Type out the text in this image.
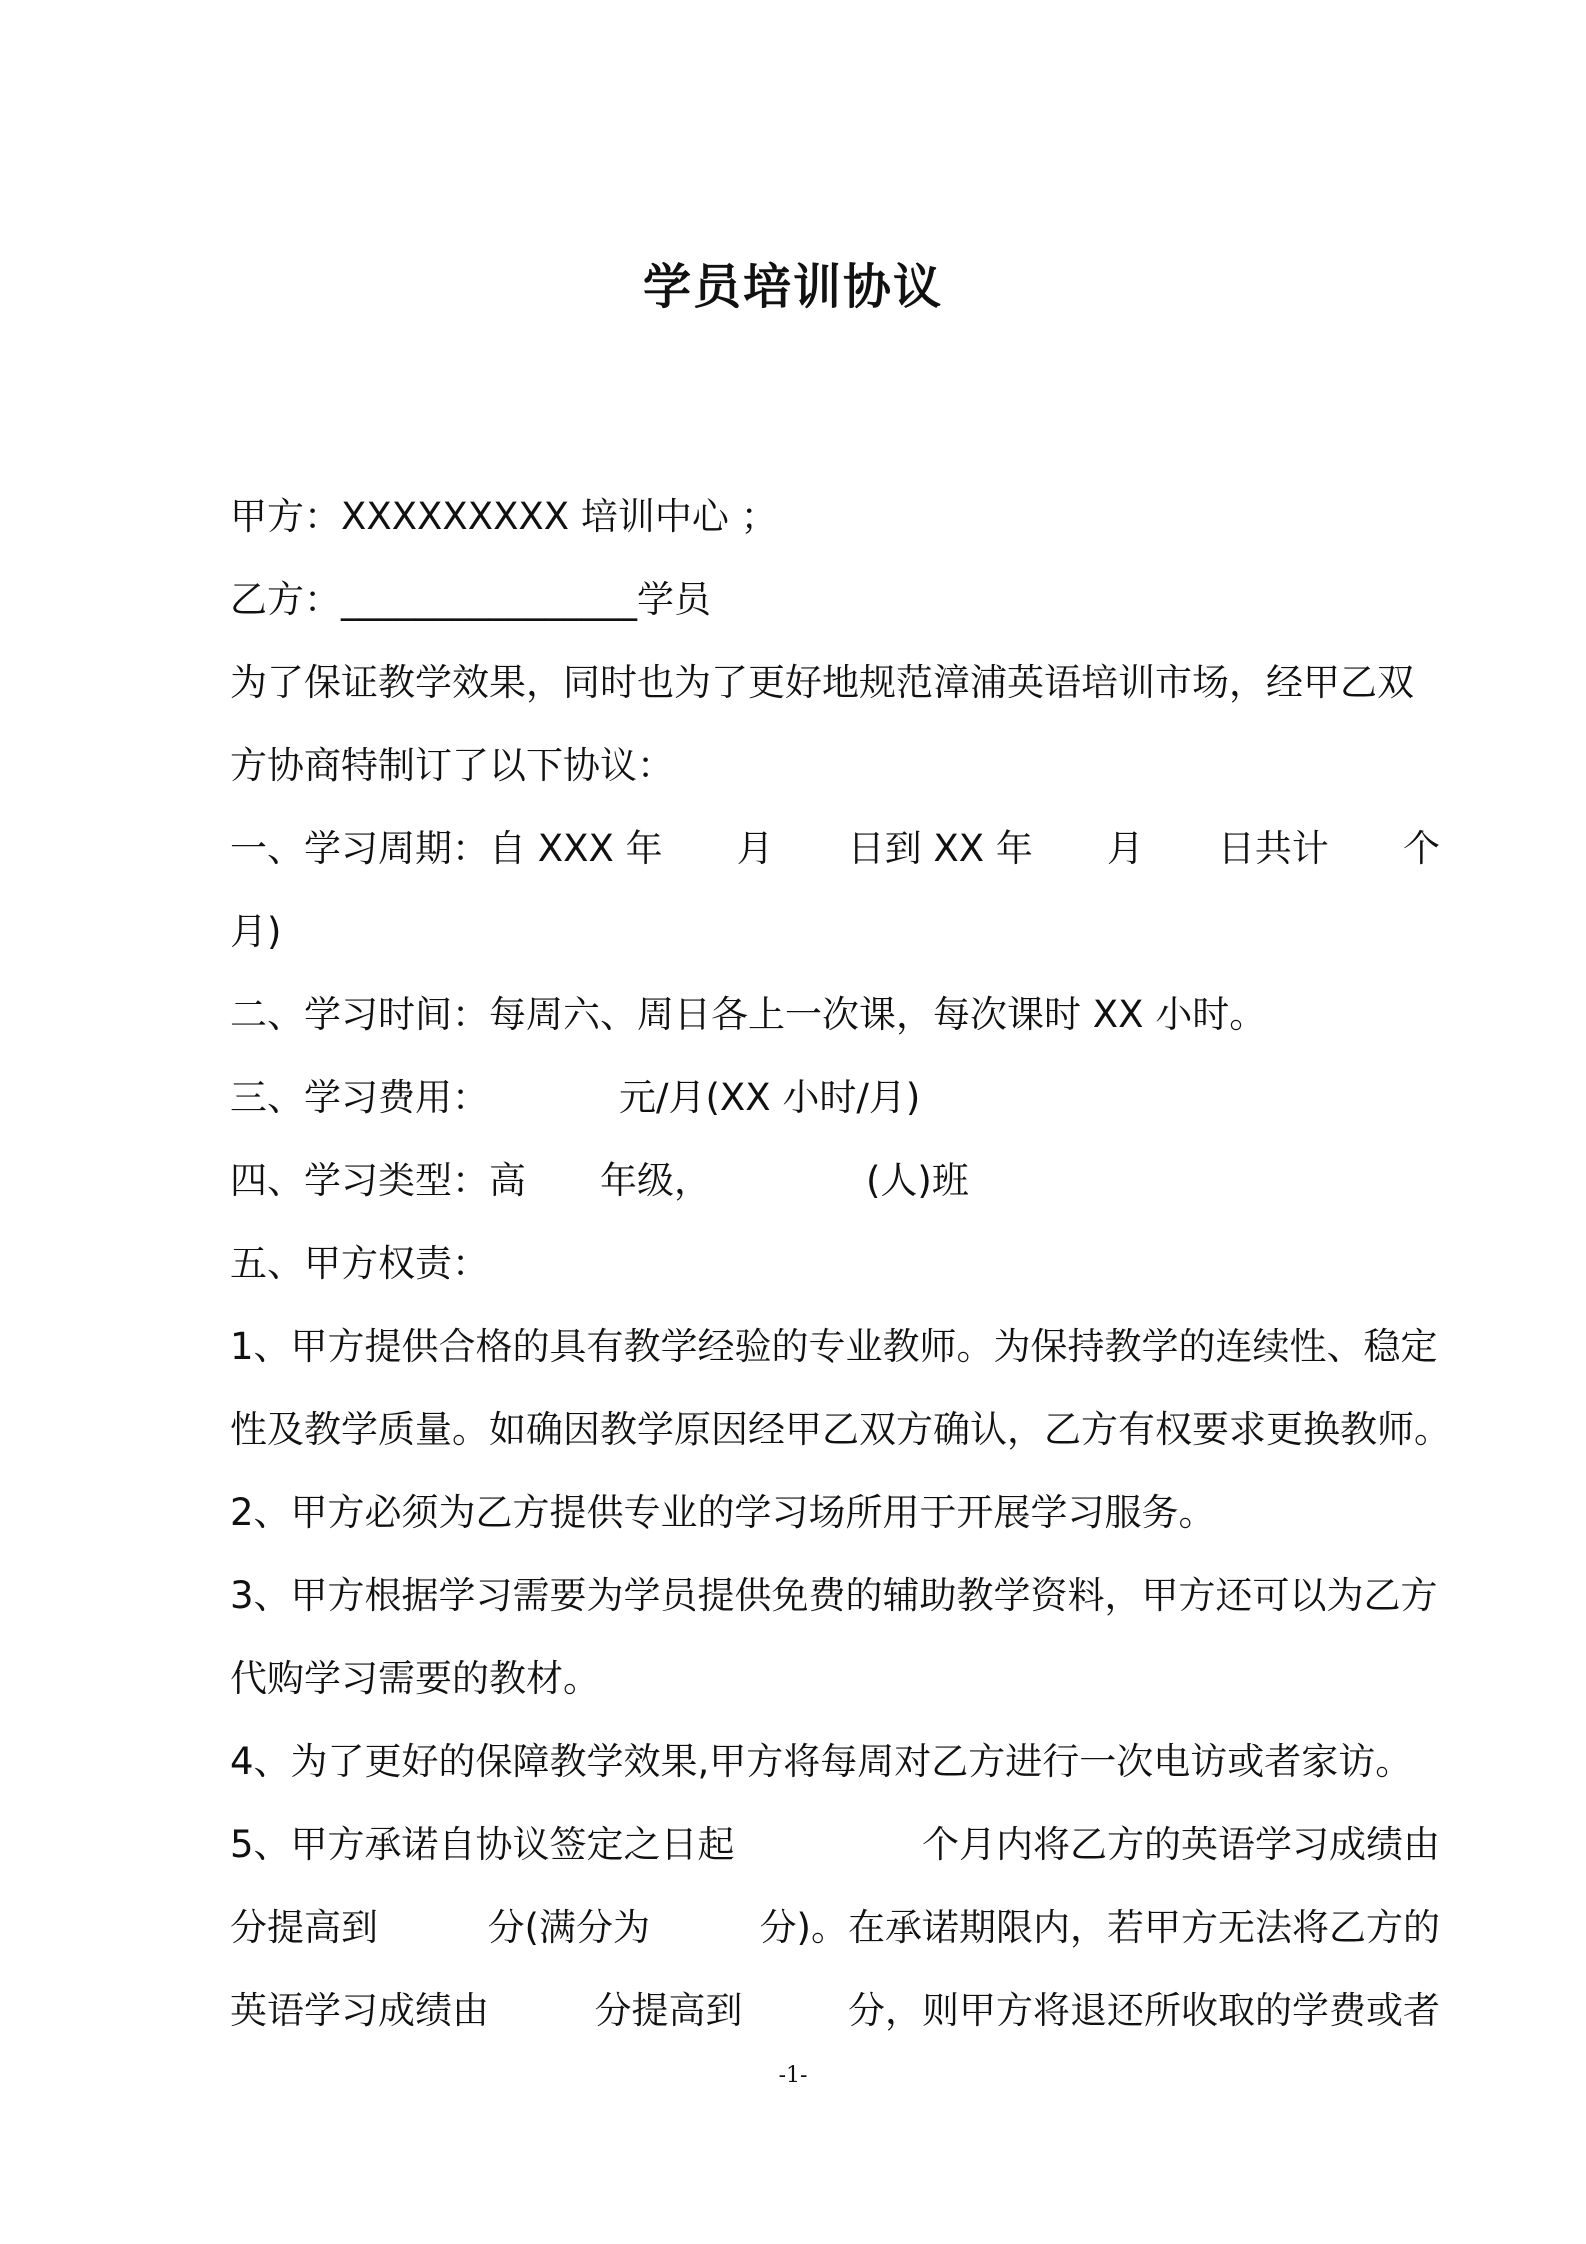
学员培训协议
甲方：XXXXXXXXX 培训中心 ；
乙方：________________学员
为了保证教学效果，同时也为了更好地规范漳浦英语培训市场，经甲乙双
方协商特制订了以下协议：
一、学习周期：自 XXX 年 月 日到 XX 年 月 日共计 个
月)
二、学习时间：每周六、周日各上一次课，每次课时 XX 小时。
三、学习费用：	元/月(XX 小时/月)
四、学习类型：高 年级，	(人)班
五、甲方权责：
1、甲方提供合格的具有教学经验的专业教师。为保持教学的连续性、稳定
性及教学质量。如确因教学原因经甲乙双方确认，乙方有权要求更换教师。
2、甲方必须为乙方提供专业的学习场所用于开展学习服务。
3、甲方根据学习需要为学员提供免费的辅助教学资料，甲方还可以为乙方
代购学习需要的教材。
4、为了更好的保障教学效果,甲方将每周对乙方进行一次电访或者家访。
5、甲方承诺自协议签定之日起	个月内将乙方的英语学习成绩由
分提高到	分(满分为	分)。在承诺期限内，若甲方无法将乙方的
英语学习成绩由	分提高到	分，则甲方将退还所收取的学费或者
-1-
